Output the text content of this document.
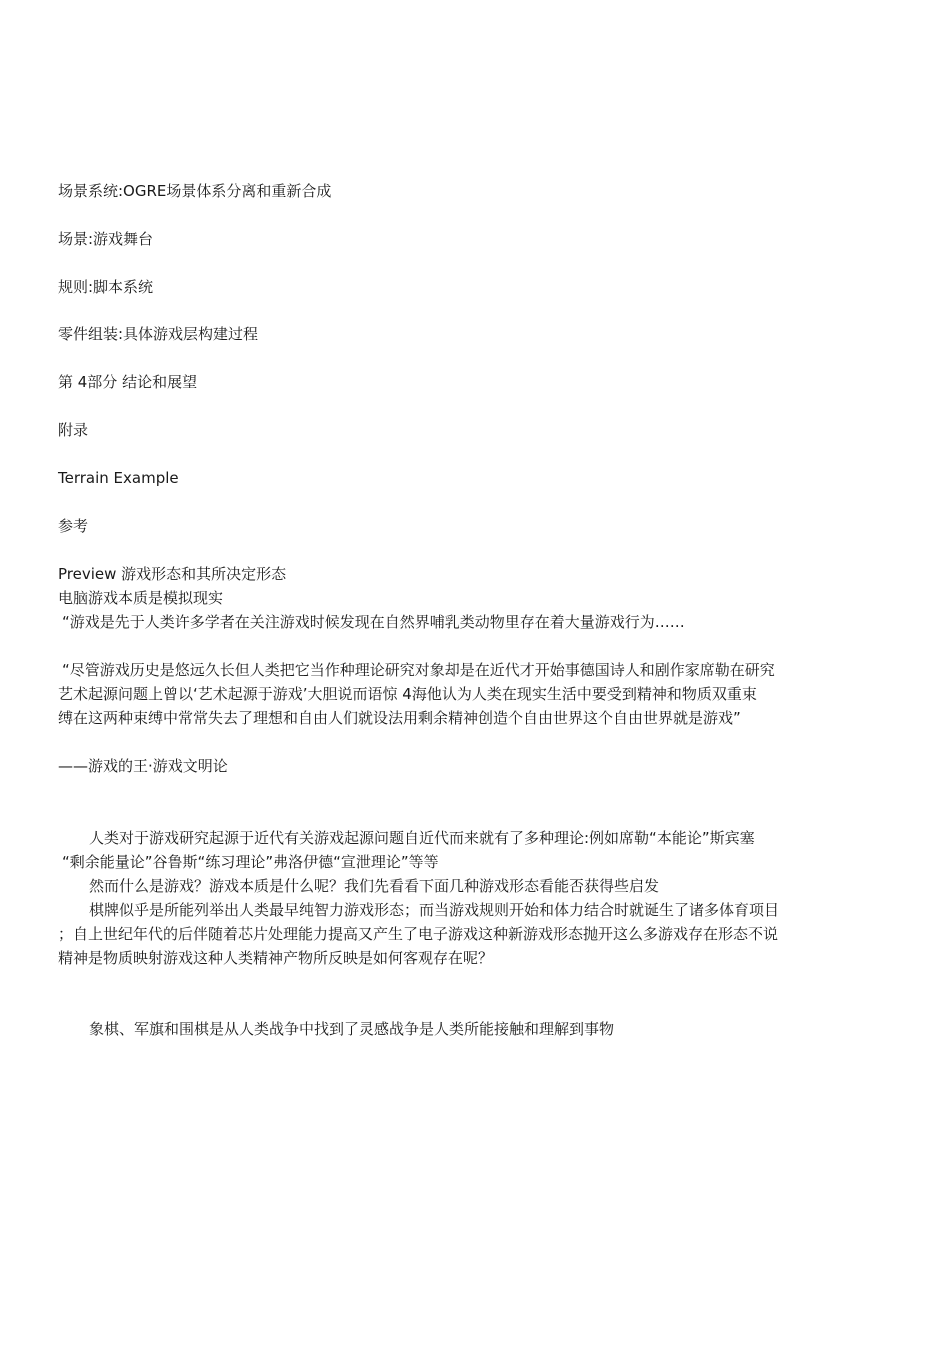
场景系统:OGRE场景体系分离和重新合成
场景:游戏舞台
规则:脚本系统
零件组装:具体游戏层构建过程
第 4部分 结论和展望
附录
Terrain Example
参考
Preview 游戏形态和其所决定形态
电脑游戏本质是模拟现实
“游戏是先于人类许多学者在关注游戏时候发现在自然界哺乳类动物里存在着大量游戏行为……
“尽管游戏历史是悠远久长但人类把它当作种理论研究对象却是在近代才开始事德国诗人和剧作家席勒在研究
艺术起源问题上曾以‘艺术起源于游戏’大胆说而语惊 4海他认为人类在现实生活中要受到精神和物质双重束
缚在这两种束缚中常常失去了理想和自由人们就设法用剩余精神创造个自由世界这个自由世界就是游戏”
——游戏的王·游戏文明论
人类对于游戏研究起源于近代有关游戏起源问题自近代而来就有了多种理论:例如席勒“本能论”斯宾塞
“剩余能量论”谷鲁斯“练习理论”弗洛伊德“宣泄理论”等等
然而什么是游戏？游戏本质是什么呢？我们先看看下面几种游戏形态看能否获得些启发
棋牌似乎是所能列举出人类最早纯智力游戏形态；而当游戏规则开始和体力结合时就诞生了诸多体育项目
；自上世纪年代的后伴随着芯片处理能力提高又产生了电子游戏这种新游戏形态抛开这么多游戏存在形态不说
精神是物质映射游戏这种人类精神产物所反映是如何客观存在呢？
象棋、军旗和围棋是从人类战争中找到了灵感战争是人类所能接触和理解到事物
